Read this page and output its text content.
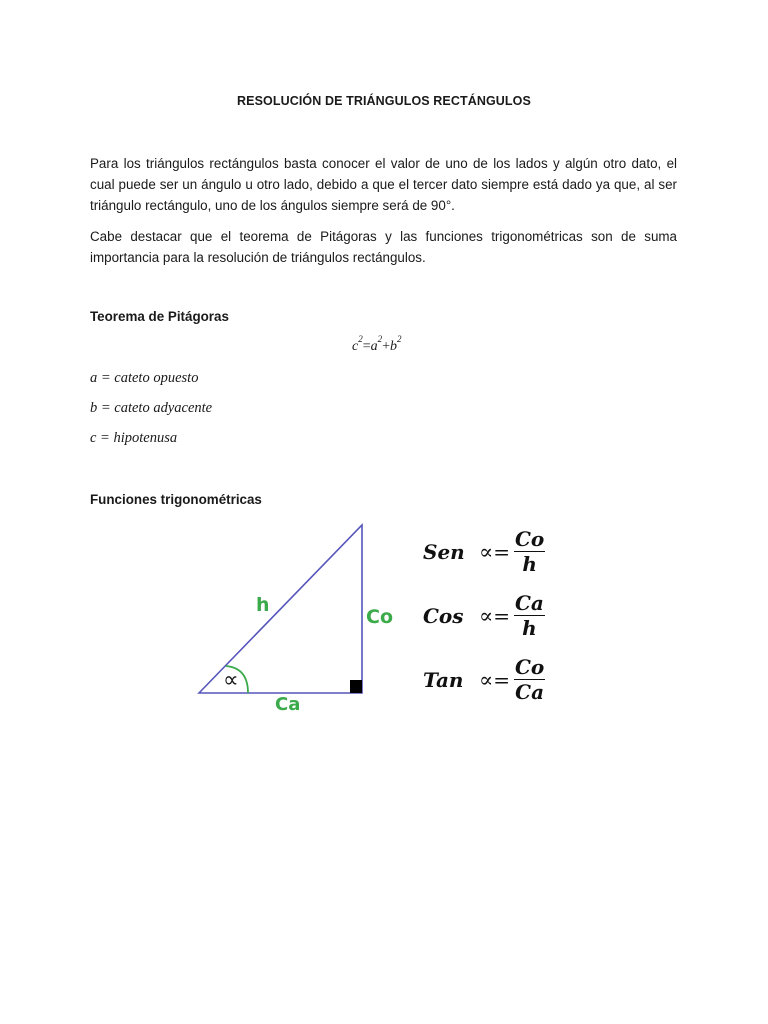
RESOLUCIÓN DE TRIÁNGULOS RECTÁNGULOS

Para los triángulos rectángulos basta conocer el valor de uno de los lados y algún otro dato, el cual puede ser un ángulo u otro lado, debido a que el tercer dato siempre está dado ya que, al ser triángulo rectángulo, uno de los ángulos siempre será de 90°.

Cabe destacar que el teorema de Pitágoras y las funciones trigonométricas son de suma importancia para la resolución de triángulos rectángulos.

Teorema de Pitágoras
$c^2=a^2+b^2$
a = cateto opuesto
b = cateto adyacente
c = hipotenusa
Funciones trigonométricas
h
Co
Ca
∝
Sen ∝ = $\frac{Co}{h}$
Cos ∝ = $\frac{Ca}{h}$
Tan ∝ = $\frac{Co}{Ca}$
